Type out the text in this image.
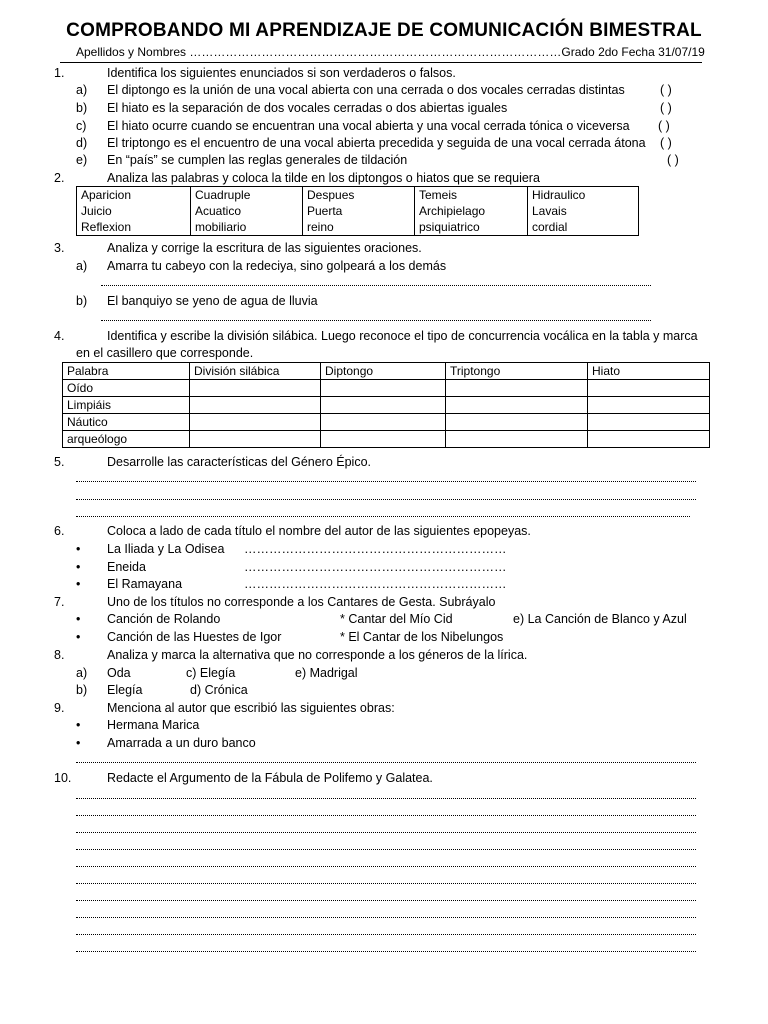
COMPROBANDO MI APRENDIZAJE DE COMUNICACIÓN BIMESTRAL
Apellidos y Nombres …………………………………………………………………………………Grado 2do Fecha 31/07/19
1.	Identifica los siguientes enunciados si son verdaderos o falsos.
a) El diptongo es la unión de una vocal abierta con una cerrada o dos vocales cerradas distintas	( )
b) El hiato es la separación de dos vocales cerradas o dos abiertas iguales	( )
c) El hiato ocurre cuando se encuentran una vocal abierta y una vocal cerrada tónica o viceversa ( )
d) El triptongo es el encuentro de una vocal abierta precedida y seguida de una vocal cerrada átona ( )
e) En “país” se cumplen las reglas generales de tildación	( )
2.	Analiza las palabras y coloca la tilde en los diptongos o hiatos que se requiera
Aparicion	Cuadruple	Despues	Temeis	Hidraulico
Juicio	Acuatico	Puerta	Archipielago	Lavais
Reflexion	mobiliario	reino	psiquiatrico	cordial
3.	Analiza y corrige la escritura de las siguientes oraciones.
a) Amarra tu cabeyo con la redeciya, sino golpeará a los demás
b) El banquiyo se yeno de agua de lluvia
4.	Identifica y escribe la división silábica. Luego reconoce el tipo de concurrencia vocálica en la tabla y marca
en el casillero que corresponde.
Palabra	División silábica	Diptongo	Triptongo	Hiato
Oído				
Limpiáis				
Náutico				
arqueólogo				
5.	Desarrolle las características del Género Épico.
6.	Coloca a lado de cada título el nombre del autor de las siguientes epopeyas.
• La Iliada y La Odisea ………………………………………………………
• Eneida	………………………………………………………
• El Ramayana	………………………………………………………
7.	Uno de los títulos no corresponde a los Cantares de Gesta. Subráyalo
• Canción de Rolando	* Cantar del Mío Cid	e) La Canción de Blanco y Azul
• Canción de las Huestes de Igor	* El Cantar de los Nibelungos
8.	Analiza y marca la alternativa que no corresponde a los géneros de la lírica.
a) Oda	c) Elegía	e) Madrigal
b) Elegía	d) Crónica
9.	Menciona al autor que escribió las siguientes obras:
• Hermana Marica
• Amarrada a un duro banco
10.	Redacte el Argumento de la Fábula de Polifemo y Galatea.
